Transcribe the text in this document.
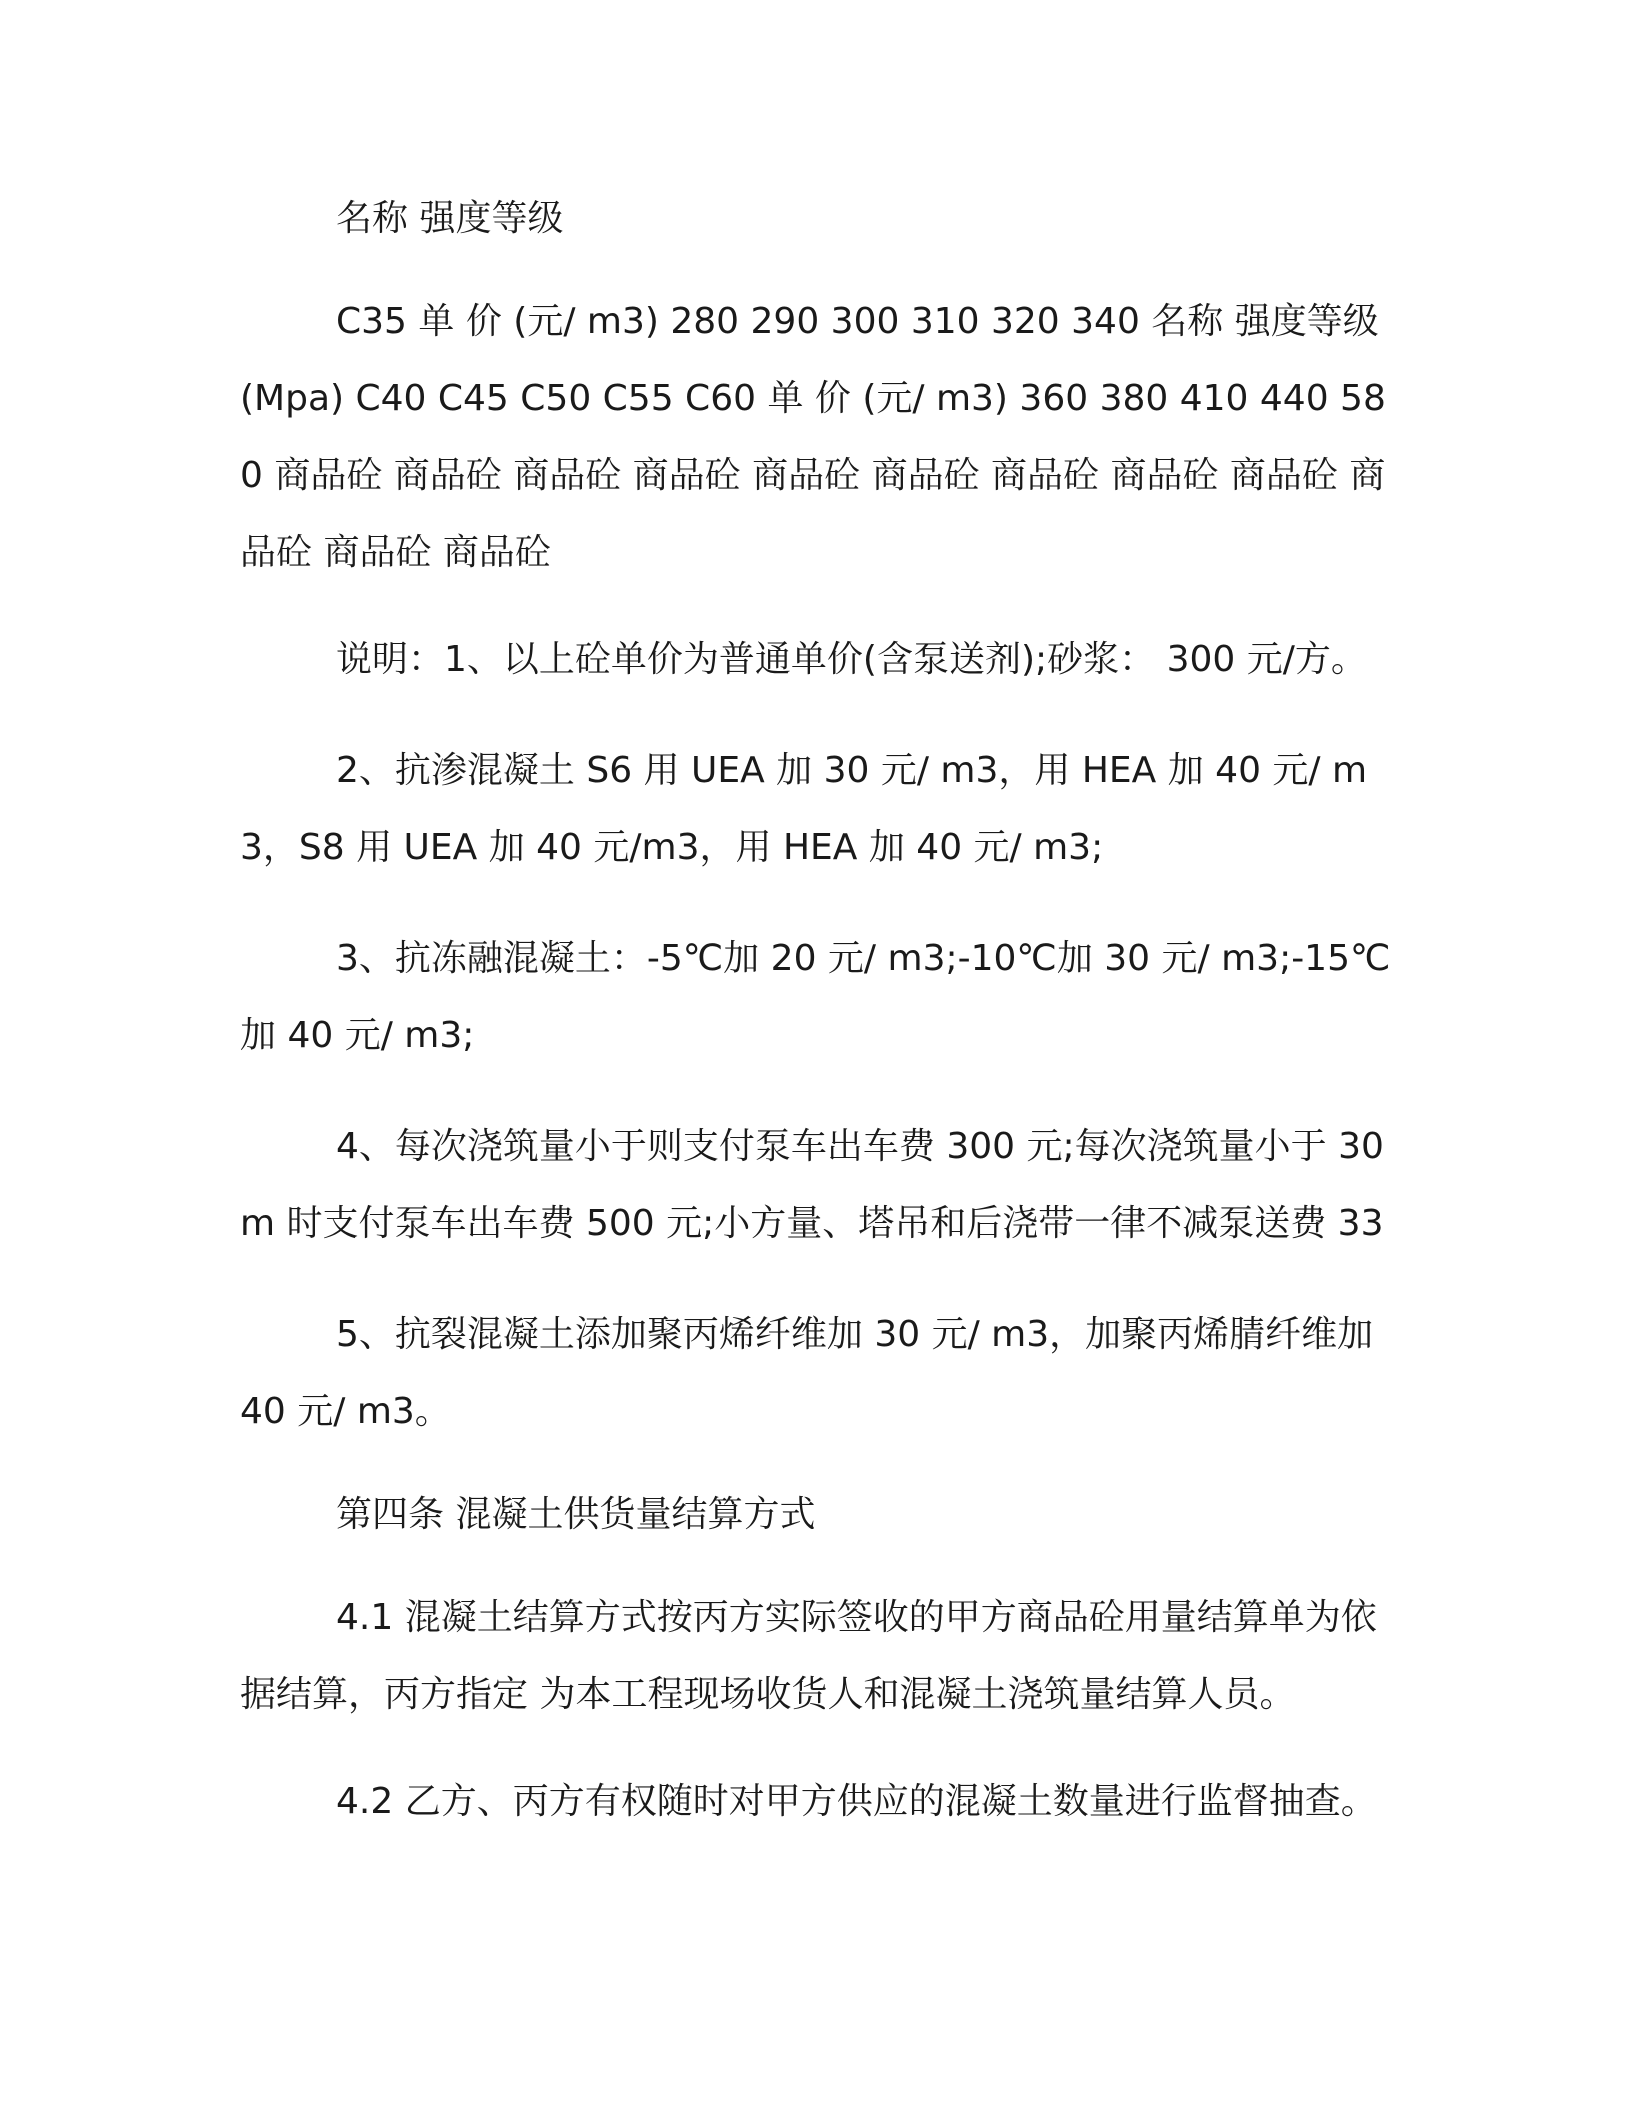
名称 强度等级

C35 单 价 (元/ m3) 280 290 300 310 320 340 名称 强度等级 (Mpa) C40 C45 C50 C55 C60 单 价 (元/ m3) 360 380 410 440 580 商品砼 商品砼 商品砼 商品砼 商品砼 商品砼 商品砼 商品砼 商品砼 商品砼 商品砼 商品砼

说明：1、以上砼单价为普通单价(含泵送剂);砂浆： 300 元/方。

2、抗渗混凝土 S6 用 UEA 加 30 元/ m3，用 HEA 加 40 元/ m3，S8 用 UEA 加 40 元/m3，用 HEA 加 40 元/ m3;

3、抗冻融混凝土：-5℃加 20 元/ m3;-10℃加 30 元/ m3;-15℃加 40 元/ m3;

4、每次浇筑量小于则支付泵车出车费 300 元;每次浇筑量小于 30m 时支付泵车出车费 500 元;小方量、塔吊和后浇带一律不减泵送费 33

5、抗裂混凝土添加聚丙烯纤维加 30 元/ m3，加聚丙烯腈纤维加 40 元/ m3。

第四条 混凝土供货量结算方式

4.1 混凝土结算方式按丙方实际签收的甲方商品砼用量结算单为依据结算，丙方指定 为本工程现场收货人和混凝土浇筑量结算人员。

4.2 乙方、丙方有权随时对甲方供应的混凝土数量进行监督抽查。
